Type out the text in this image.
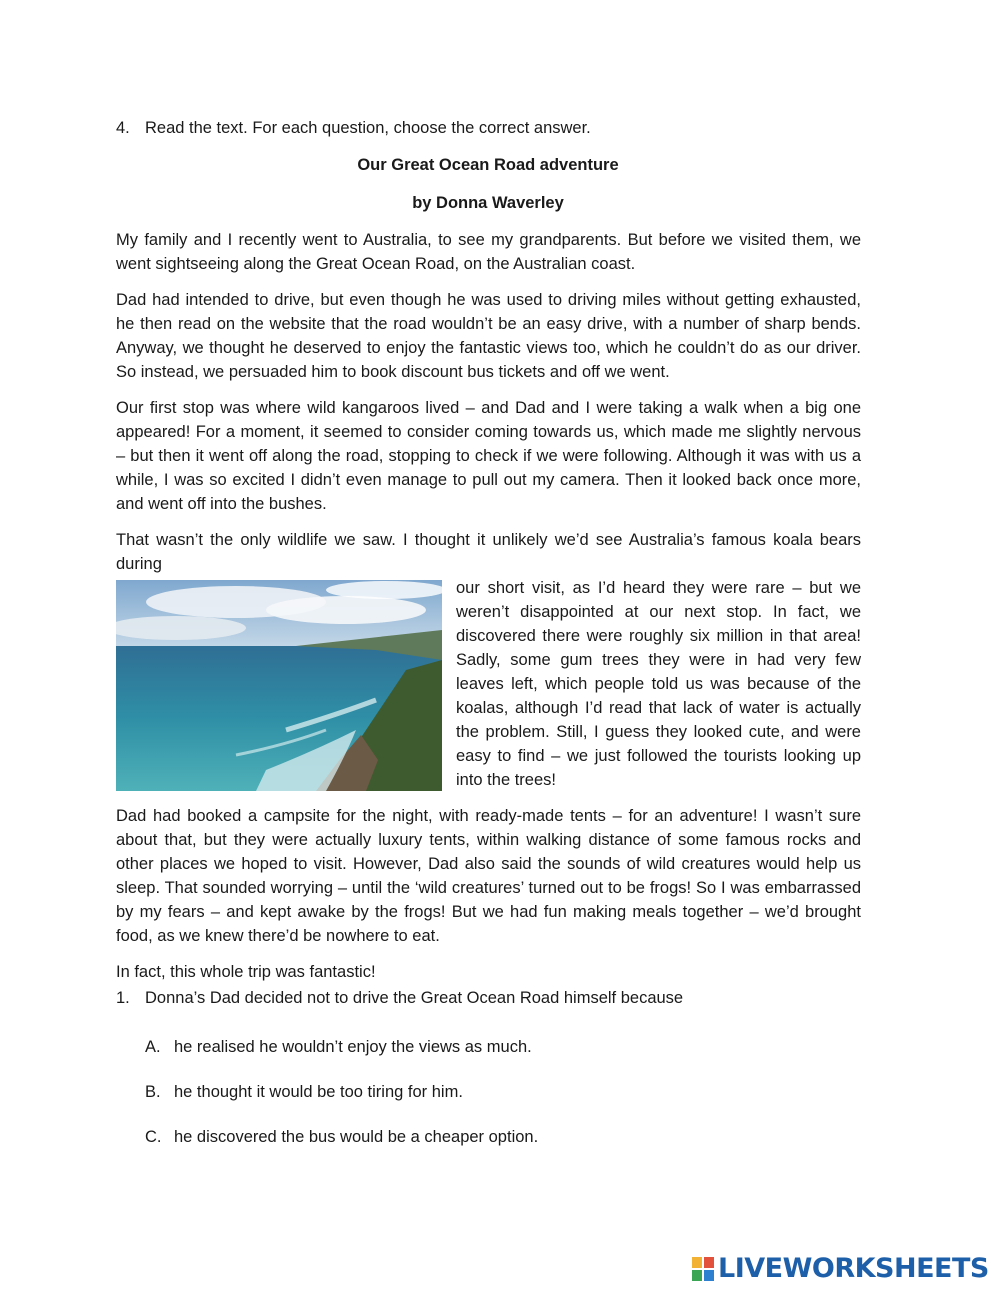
4. Read the text. For each question, choose the correct answer.
Our Great Ocean Road adventure
by Donna Waverley

My family and I recently went to Australia, to see my grandparents. But before we visited them, we went sightseeing along the Great Ocean Road, on the Australian coast.

Dad had intended to drive, but even though he was used to driving miles without getting exhausted, he then read on the website that the road wouldn’t be an easy drive, with a number of sharp bends. Anyway, we thought he deserved to enjoy the fantastic views too, which he couldn’t do as our driver. So instead, we persuaded him to book discount bus tickets and off we went.

Our first stop was where wild kangaroos lived – and Dad and I were taking a walk when a big one appeared! For a moment, it seemed to consider coming towards us, which made me slightly nervous – but then it went off along the road, stopping to check if we were following. Although it was with us a while, I was so excited I didn’t even manage to pull out my camera. Then it looked back once more, and went off into the bushes.

That wasn’t the only wildlife we saw. I thought it unlikely we’d see Australia’s famous koala bears during

our short visit, as I’d heard they were rare – but we weren’t disappointed at our next stop. In fact, we discovered there were roughly six million in that area! Sadly, some gum trees they were in had very few leaves left, which people told us was because of the koalas, although I’d read that lack of water is actually the problem. Still, I guess they looked cute, and were easy to find – we just followed the tourists looking up into the trees!

Dad had booked a campsite for the night, with ready-made tents – for an adventure! I wasn’t sure about that, but they were actually luxury tents, within walking distance of some famous rocks and other places we hoped to visit. However, Dad also said the sounds of wild creatures would help us sleep. That sounded worrying – until the ‘wild creatures’ turned out to be frogs! So I was embarrassed by my fears – and kept awake by the frogs! But we had fun making meals together – we’d brought food, as we knew there’d be nowhere to eat.

In fact, this whole trip was fantastic!

1. Donna’s Dad decided not to drive the Great Ocean Road himself because
A. he realised he wouldn’t enjoy the views as much.
B. he thought it would be too tiring for him.
C. he discovered the bus would be a cheaper option.
LIVEWORKSHEETS
